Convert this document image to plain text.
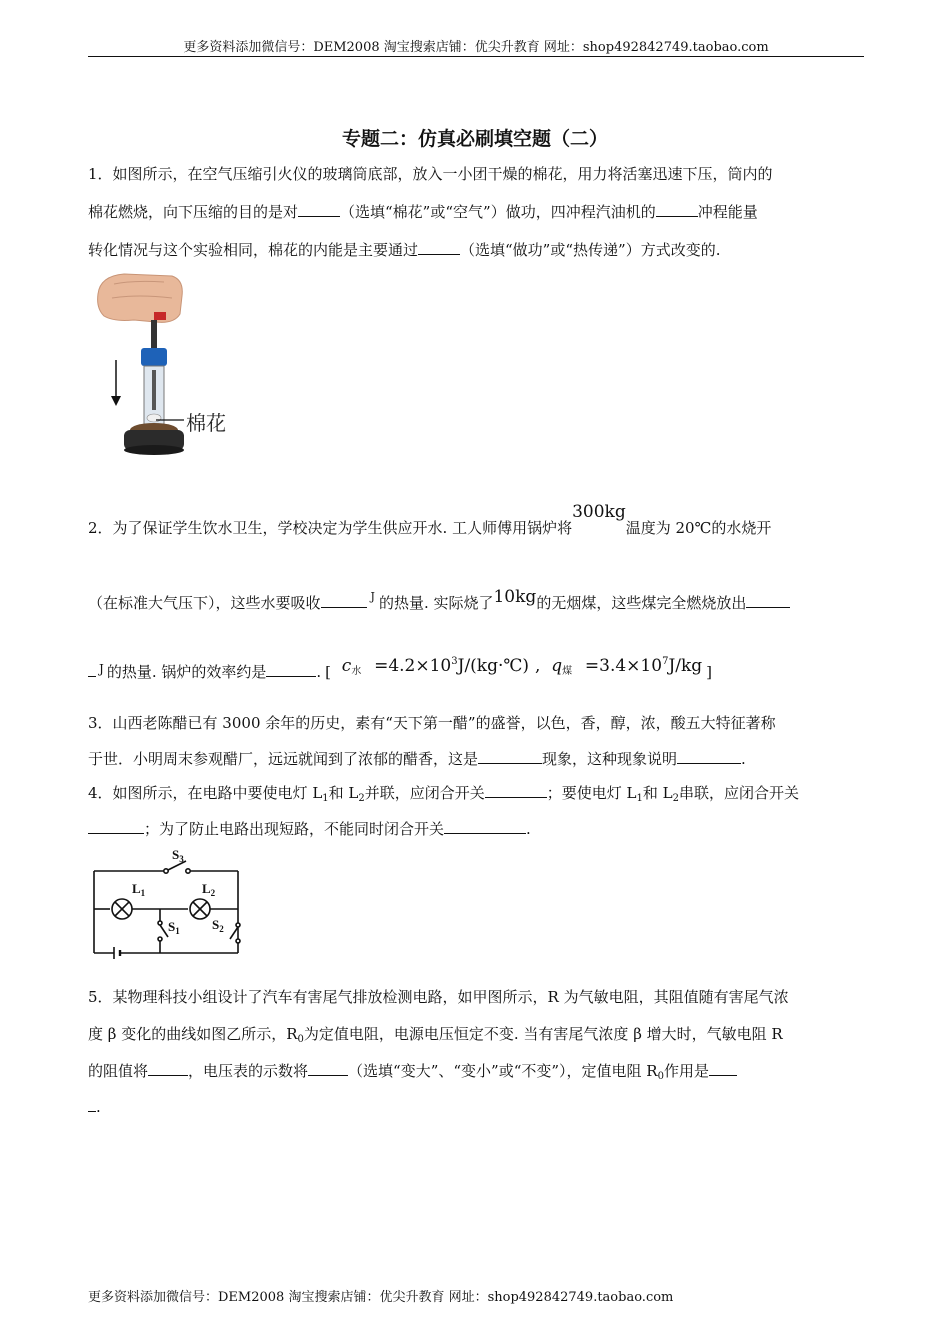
更多资料添加微信号：DEM2008 淘宝搜索店铺：优尖升教育 网址：shop492842749.taobao.com
专题二：仿真必刷填空题（二）
1．如图所示，在空气压缩引火仪的玻璃筒底部，放入一小团干燥的棉花，用力将活塞迅速下压，筒内的
棉花燃烧，向下压缩的目的是对	（选填“棉花”或“空气”）做功，四冲程汽油机的	冲程能量
转化情况与这个实验相同，棉花的内能是主要通过	（选填“做功”或“热传递”）方式改变的.
棉花
2．为了保证学生饮水卫生，学校决定为学生供应开水. 工人师傅用锅炉将300kg温度为 20℃的水烧开
（在标准大气压下），这些水要吸收	J 的热量. 实际烧了10kg的无烟煤，这些煤完全燃烧放出
J 的热量. 锅炉的效率约是	. [ $c_水$ $=4.2\times 10^3J/(kg\cdot℃)$ , $q_煤 =3.4\times 10^7J/kg$ ]
3．山西老陈醋已有 3000 余年的历史，素有“天下第一醋”的盛誉，以色，香，醇，浓，酸五大特征著称
于世．小明周末参观醋厂，远远就闻到了浓郁的醋香，这是	现象，这种现象说明	.
4．如图所示，在电路中要使电灯 $L_1$和 $L_2$并联，应闭合开关	；要使电灯 $L_1$和 $L_2$串联，应闭合开关
；为了防止电路出现短路，不能同时闭合开关	.
$S_3$
$L_1$	$L_2$
$S_1$ $S_2$
5．某物理科技小组设计了汽车有害尾气排放检测电路，如甲图所示，R 为气敏电阻，其阻值随有害尾气浓
度 β 变化的曲线如图乙所示，$R_0$为定值电阻，电源电压恒定不变. 当有害尾气浓度 β 增大时，气敏电阻 R
的阻值将	，电压表的示数将	（选填“变大”、“变小”或“不变”），定值电阻 $R_0$作用是
.
更多资料添加微信号：DEM2008 淘宝搜索店铺：优尖升教育 网址：shop492842749.taobao.com
